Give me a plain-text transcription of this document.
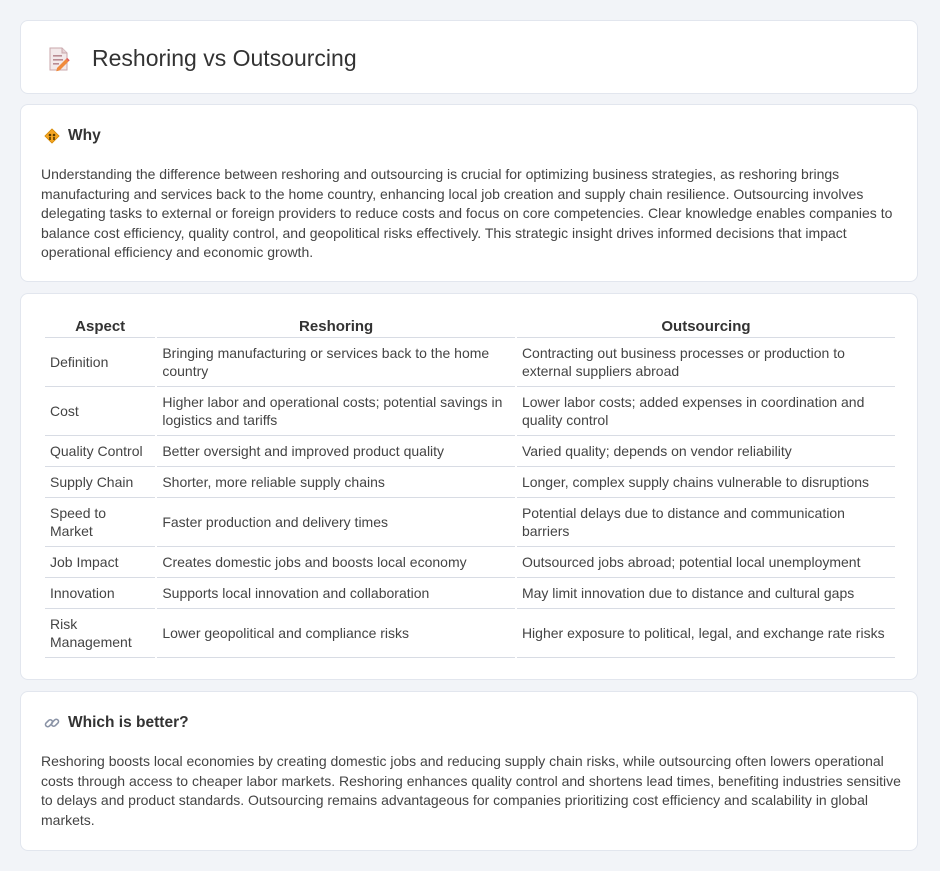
Reshoring vs Outsourcing
Why

Understanding the difference between reshoring and outsourcing is crucial for optimizing business strategies, as reshoring brings manufacturing and services back to the home country, enhancing local job creation and supply chain resilience. Outsourcing involves delegating tasks to external or foreign providers to reduce costs and focus on core competencies. Clear knowledge enables companies to balance cost efficiency, quality control, and geopolitical risks effectively. This strategic insight drives informed decisions that impact operational efficiency and economic growth.

Aspect	Reshoring	Outsourcing
Definition	Bringing manufacturing or services back to the home country	Contracting out business processes or production to external suppliers abroad
Cost	Higher labor and operational costs; potential savings in logistics and tariffs	Lower labor costs; added expenses in coordination and quality control
Quality Control	Better oversight and improved product quality	Varied quality; depends on vendor reliability
Supply Chain	Shorter, more reliable supply chains	Longer, complex supply chains vulnerable to disruptions
Speed to Market	Faster production and delivery times	Potential delays due to distance and communication barriers
Job Impact	Creates domestic jobs and boosts local economy	Outsourced jobs abroad; potential local unemployment
Innovation	Supports local innovation and collaboration	May limit innovation due to distance and cultural gaps
Risk Management	Lower geopolitical and compliance risks	Higher exposure to political, legal, and exchange rate risks
Which is better?

Reshoring boosts local economies by creating domestic jobs and reducing supply chain risks, while outsourcing often lowers operational costs through access to cheaper labor markets. Reshoring enhances quality control and shortens lead times, benefiting industries sensitive to delays and product standards. Outsourcing remains advantageous for companies prioritizing cost efficiency and scalability in global markets.
